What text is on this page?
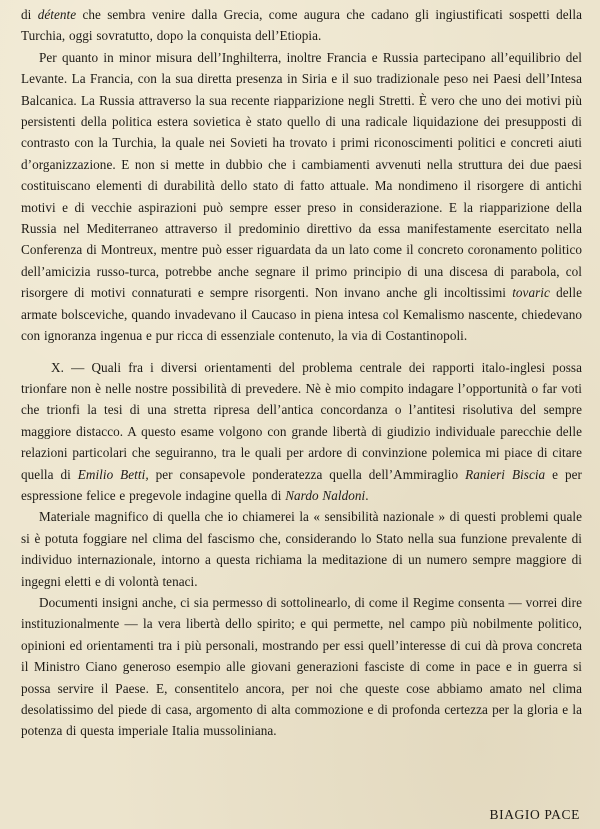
di détente che sembra venire dalla Grecia, come augura che cadano gli ingiustificati sospetti della Turchia, oggi sovratutto, dopo la conquista dell’Etiopia.

Per quanto in minor misura dell’Inghilterra, inoltre Francia e Russia partecipano all’equilibrio del Levante. La Francia, con la sua diretta presenza in Siria e il suo tradizionale peso nei Paesi dell’Intesa Balcanica. La Russia attraverso la sua recente riapparizione negli Stretti. È vero che uno dei motivi più persistenti della politica estera sovietica è stato quello di una radicale liquidazione dei presupposti di contrasto con la Turchia, la quale nei Sovieti ha trovato i primi riconoscimenti politici e concreti aiuti d’organizzazione. E non si mette in dubbio che i cambiamenti avvenuti nella struttura dei due paesi costituiscano elementi di durabilità dello stato di fatto attuale. Ma nondimeno il risorgere di antichi motivi e di vecchie aspirazioni può sempre esser preso in considerazione. E la riapparizione della Russia nel Mediterraneo attraverso il predominio direttivo da essa manifestamente esercitato nella Conferenza di Montreux, mentre può esser riguardata da un lato come il concreto coronamento politico dell’amicizia russo-turca, potrebbe anche segnare il primo principio di una discesa di parabola, col risorgere di motivi connaturati e sempre risorgenti. Non invano anche gli incoltissimi tovaric delle armate bolsceviche, quando invadevano il Caucaso in piena intesa col Kemalismo nascente, chiedevano con ignoranza ingenua e pur ricca di essenziale contenuto, la via di Costantinopoli.

X. — Quali fra i diversi orientamenti del problema centrale dei rapporti italo-inglesi possa trionfare non è nelle nostre possibilità di prevedere. Nè è mio compito indagare l’opportunità o far voti che trionfi la tesi di una stretta ripresa dell’antica concordanza o l’antitesi risolutiva del sempre maggiore distacco. A questo esame volgono con grande libertà di giudizio individuale parecchie delle relazioni particolari che seguiranno, tra le quali per ardore di convinzione polemica mi piace di citare quella di Emilio Betti, per consapevole ponderatezza quella dell’Ammiraglio Ranieri Biscia e per espressione felice e pregevole indagine quella di Nardo Naldoni.

Materiale magnifico di quella che io chiamerei la « sensibilità nazionale » di questi problemi quale si è potuta foggiare nel clima del fascismo che, considerando lo Stato nella sua funzione prevalente di individuo internazionale, intorno a questa richiama la meditazione di un numero sempre maggiore di ingegni eletti e di volontà tenaci.

Documenti insigni anche, ci sia permesso di sottolinearlo, di come il Regime consenta — vorrei dire instituzionalmente — la vera libertà dello spirito; e qui permette, nel campo più nobilmente politico, opinioni ed orientamenti tra i più personali, mostrando per essi quell’interesse di cui dà prova concreta il Ministro Ciano generoso esempio alle giovani generazioni fasciste di come in pace e in guerra si possa servire il Paese. E, consentitelo ancora, per noi che queste cose abbiamo amato nel clima desolatissimo del piede di casa, argomento di alta commozione e di profonda certezza per la gloria e la potenza di questa imperiale Italia mussoliniana.

BIAGIO PACE
